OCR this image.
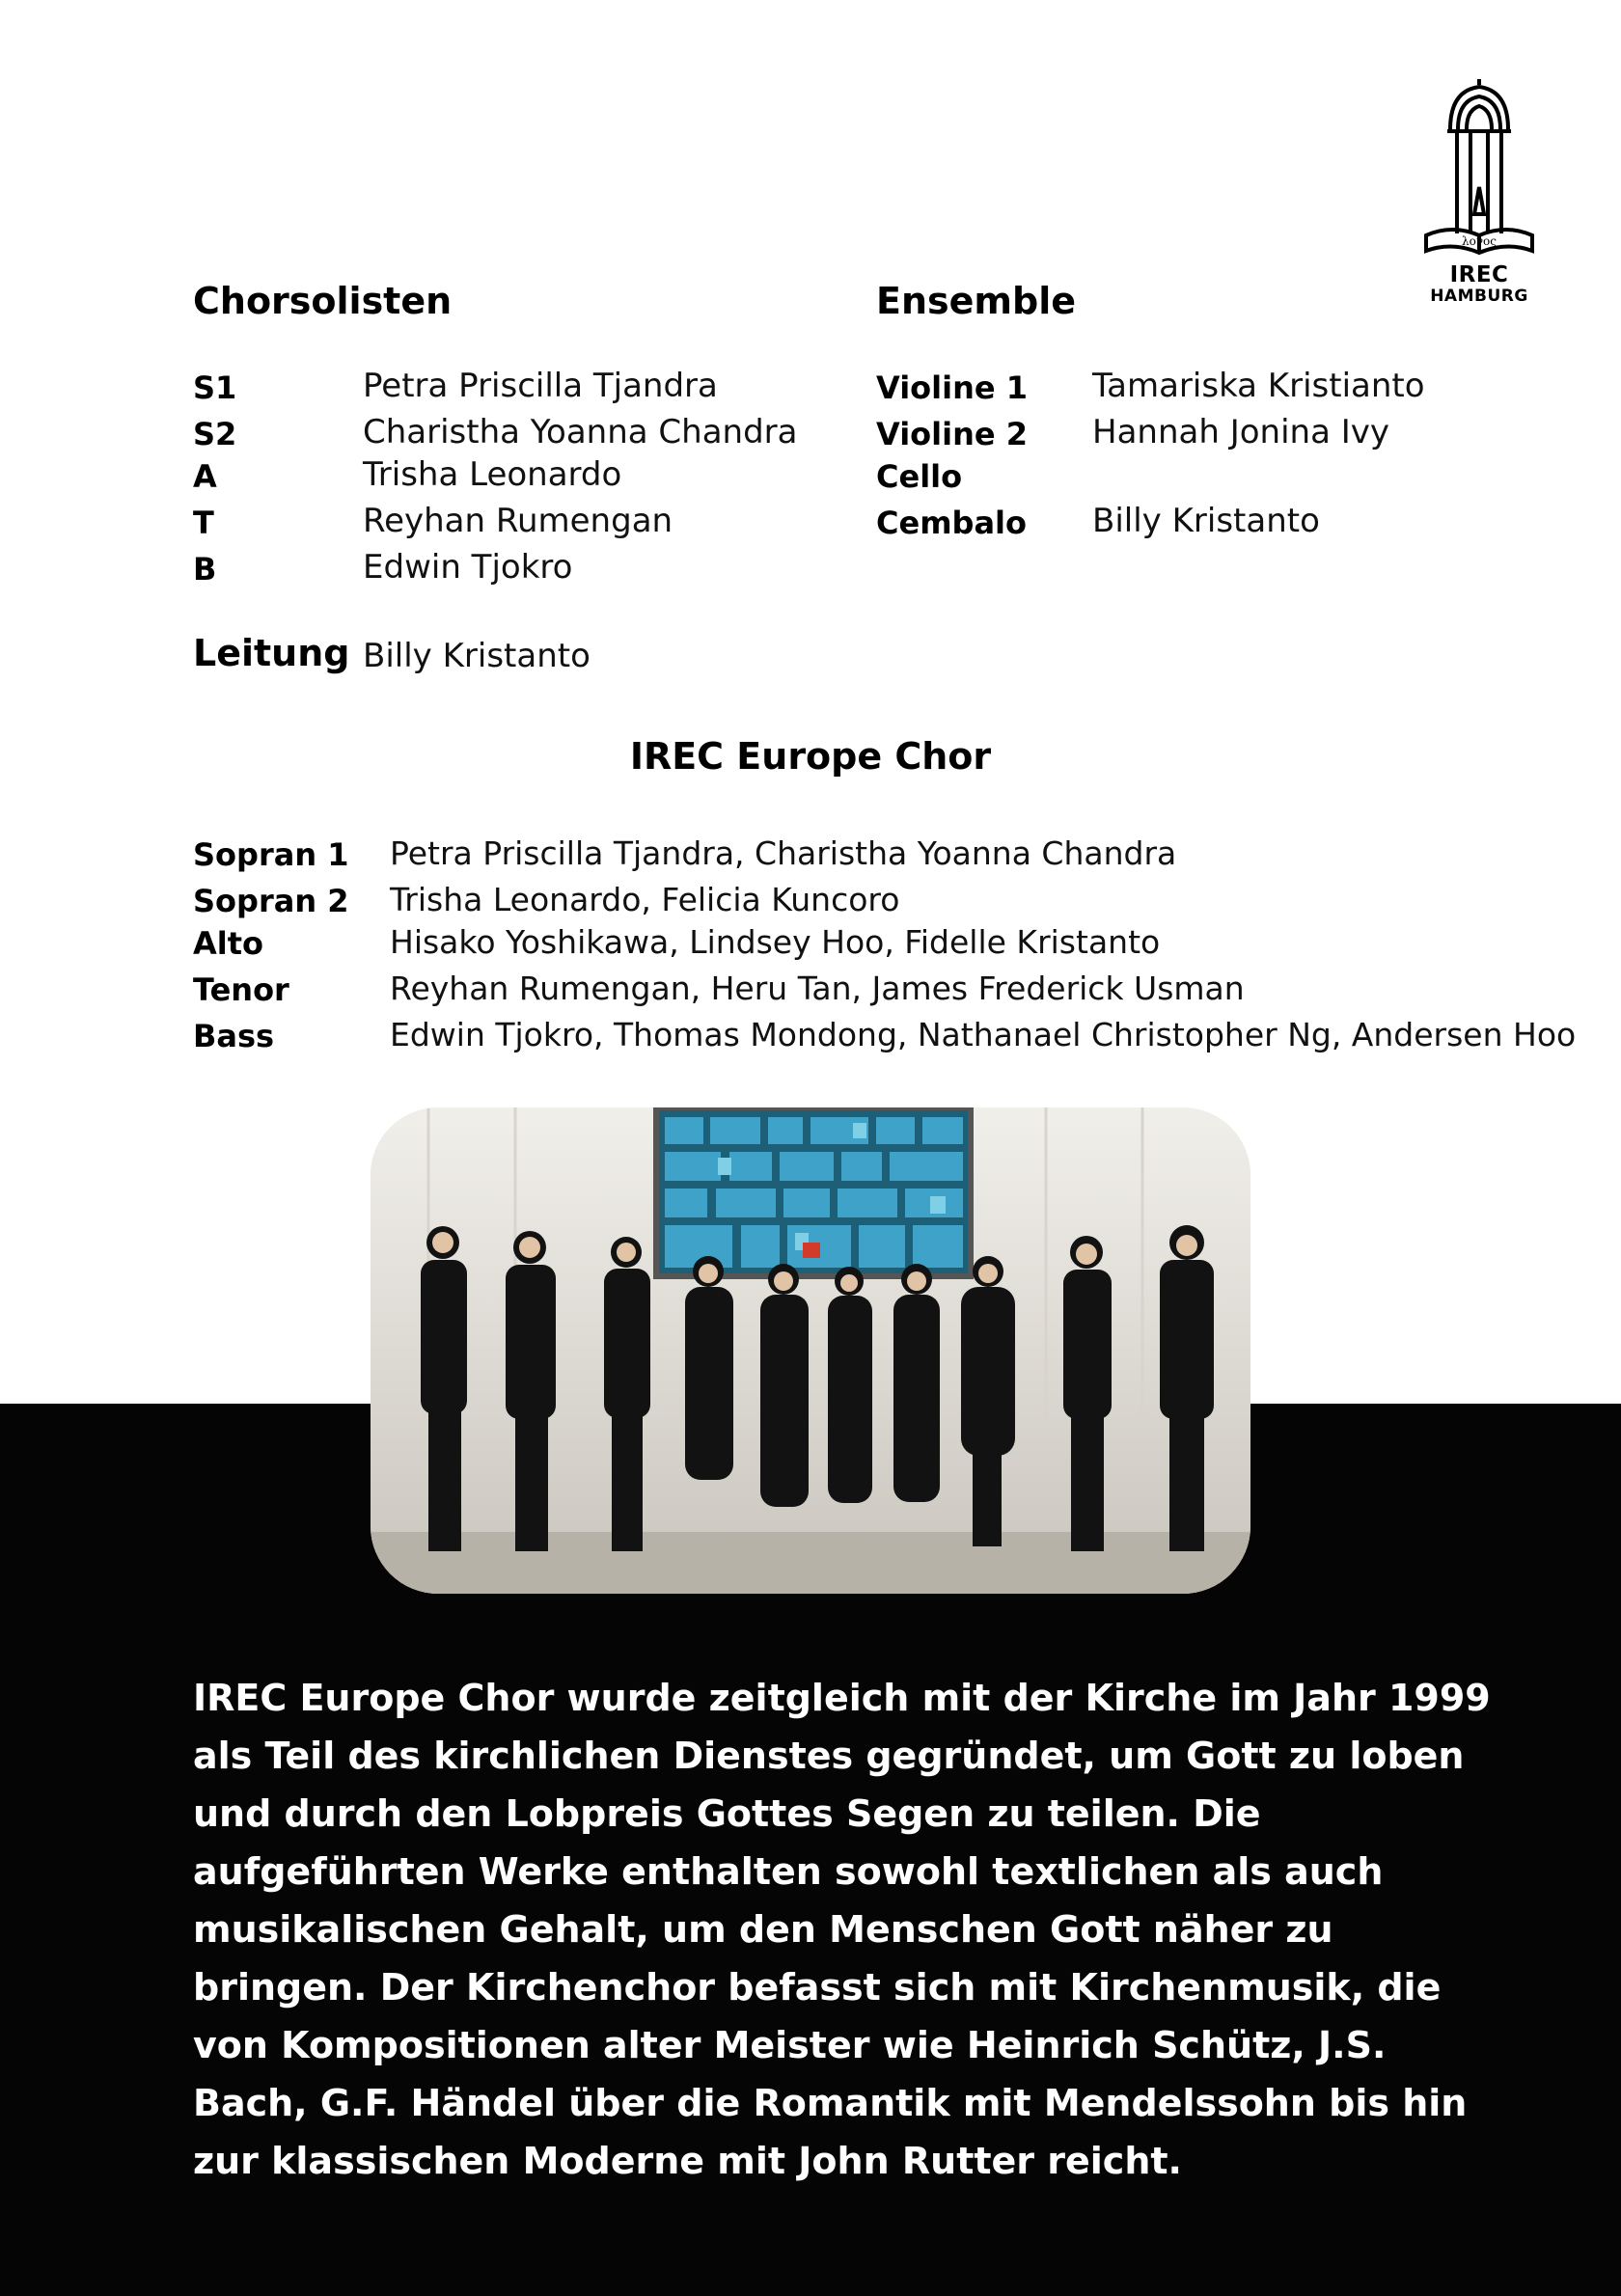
λογος
IREC
HAMBURG
Chorsolisten
S1	Petra Priscilla Tjandra
S2	Charistha Yoanna Chandra
A	Trisha Leonardo
T	Reyhan Rumengan
B	Edwin Tjokro
Ensemble
Violine 1 Tamariska Kristianto
Violine 2 Hannah Jonina Ivy
Cello
Cembalo Billy Kristanto
Leitung Billy Kristanto
IREC Europe Chor
Sopran 1 Petra Priscilla Tjandra, Charistha Yoanna Chandra
Sopran 2 Trisha Leonardo, Felicia Kuncoro
Alto	Hisako Yoshikawa, Lindsey Hoo, Fidelle Kristanto
Tenor	Reyhan Rumengan, Heru Tan, James Frederick Usman
Bass	Edwin Tjokro, Thomas Mondong, Nathanael Christopher Ng, Andersen Hoo
IREC Europe Chor wurde zeitgleich mit der Kirche im Jahr 1999 als Teil des kirchlichen Dienstes gegründet, um Gott zu loben und durch den Lobpreis Gottes Segen zu teilen. Die aufgeführten Werke enthalten sowohl textlichen als auch musikalischen Gehalt, um den Menschen Gott näher zu bringen. Der Kirchenchor befasst sich mit Kirchenmusik, die von Kompositionen alter Meister wie Heinrich Schütz, J.S. Bach, G.F. Händel über die Romantik mit Mendelssohn bis hin zur klassischen Moderne mit John Rutter reicht.
